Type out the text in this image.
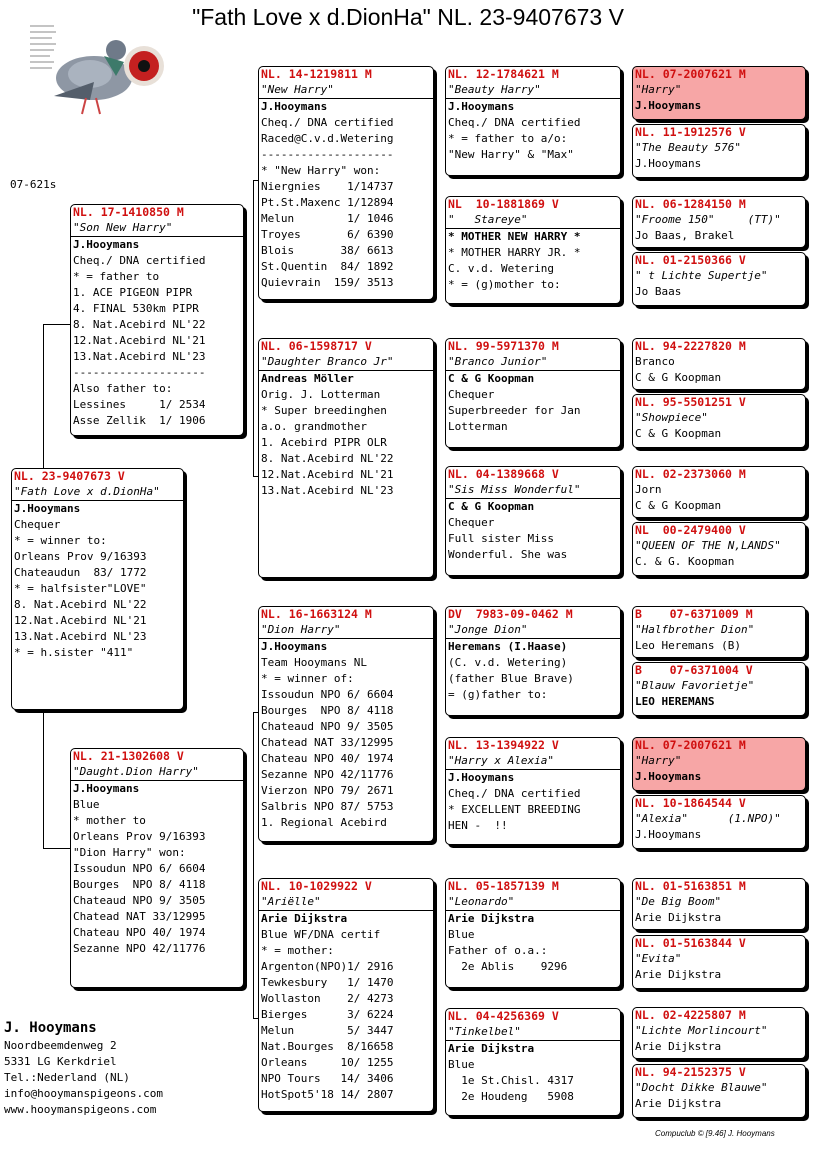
"Fath Love x d.DionHa" NL. 23-9407673 V
07-621s
NL. 23-9407673 V
"Fath Love x d.DionHa"
J.Hooymans
Chequer
* = winner to:
Orleans Prov 9/16393
Chateaudun  83/ 1772
* = halfsister"LOVE"
8. Nat.Acebird NL'22
12.Nat.Acebird NL'21
13.Nat.Acebird NL'23
* = h.sister "411"
NL. 17-1410850 M
"Son New Harry"
J.Hooymans
Cheq./ DNA certified
* = father to
1. ACE PIGEON PIPR
4. FINAL 530km PIPR
8. Nat.Acebird NL'22
12.Nat.Acebird NL'21
13.Nat.Acebird NL'23
--------------------
Also father to:
Lessines     1/ 2534
Asse Zellik  1/ 1906
NL. 21-1302608 V
"Daught.Dion Harry"
J.Hooymans
Blue
* mother to
Orleans Prov 9/16393
"Dion Harry" won:
Issoudun NPO 6/ 6604
Bourges  NPO 8/ 4118
Chateaud NPO 9/ 3505
Chatead NAT 33/12995
Chateau NPO 40/ 1974
Sezanne NPO 42/11776
NL. 14-1219811 M
"New Harry"
J.Hooymans
Cheq./ DNA certified
Raced@C.v.d.Wetering
--------------------
* "New Harry" won:
Niergnies    1/14737
Pt.St.Maxenc 1/12894
Melun        1/ 1046
Troyes       6/ 6390
Blois       38/ 6613
St.Quentin  84/ 1892
Quievrain  159/ 3513
NL. 06-1598717 V
"Daughter Branco Jr"
Andreas Möller
Orig. J. Lotterman
* Super breedinghen
a.o. grandmother
1. Acebird PIPR OLR
8. Nat.Acebird NL'22
12.Nat.Acebird NL'21
13.Nat.Acebird NL'23
NL. 16-1663124 M
"Dion Harry"
J.Hooymans
Team Hooymans NL
* = winner of:
Issoudun NPO 6/ 6604
Bourges  NPO 8/ 4118
Chateaud NPO 9/ 3505
Chatead NAT 33/12995
Chateau NPO 40/ 1974
Sezanne NPO 42/11776
Vierzon NPO 79/ 2671
Salbris NPO 87/ 5753
1. Regional Acebird
NL. 10-1029922 V
"Ariëlle"
Arie Dijkstra
Blue WF/DNA certif
* = mother:
Argenton(NPO)1/ 2916
Tewkesbury   1/ 1470
Wollaston    2/ 4273
Bierges      3/ 6224
Melun        5/ 3447
Nat.Bourges  8/16658
Orleans     10/ 1255
NPO Tours   14/ 3406
HotSpot5'18 14/ 2807
NL. 12-1784621 M
"Beauty Harry"
J.Hooymans
Cheq./ DNA certified
* = father to a/o:
"New Harry" & "Max"
NL  10-1881869 V
"   Stareye"
* MOTHER NEW HARRY *
* MOTHER HARRY JR. *
C. v.d. Wetering
* = (g)mother to:
NL. 99-5971370 M
"Branco Junior"
C & G Koopman
Chequer
Superbreeder for Jan
Lotterman
NL. 04-1389668 V
"Sis Miss Wonderful"
C & G Koopman
Chequer
Full sister Miss
Wonderful. She was
DV  7983-09-0462 M
"Jonge Dion"
Heremans (I.Haase)
(C. v.d. Wetering)
(father Blue Brave)
= (g)father to:
NL. 13-1394922 V
"Harry x Alexia"
J.Hooymans
Cheq./ DNA certified
* EXCELLENT BREEDING
HEN -  !!
NL. 05-1857139 M
"Leonardo"
Arie Dijkstra
Blue
Father of o.a.:
2e Ablis    9296
NL. 04-4256369 V
"Tinkelbel"
Arie Dijkstra
Blue
1e St.Chisl. 4317
2e Houdeng   5908
NL. 07-2007621 M
"Harry"
J.Hooymans
NL. 11-1912576 V
"The Beauty 576"
J.Hooymans
NL. 06-1284150 M
"Froome 150"     (TT)"
Jo Baas, Brakel
NL. 01-2150366 V
" t Lichte Supertje"
Jo Baas
NL. 94-2227820 M
Branco
C & G Koopman
NL. 95-5501251 V
"Showpiece"
C & G Koopman
NL. 02-2373060 M
Jorn
C & G Koopman
NL  00-2479400 V
"QUEEN OF THE N,LANDS"
C. & G. Koopman
B    07-6371009 M
"Halfbrother Dion"
Leo Heremans (B)
B    07-6371004 V
"Blauw Favorietje"
LEO HEREMANS
NL. 07-2007621 M
"Harry"
J.Hooymans
NL. 10-1864544 V
"Alexia"      (1.NPO)"
J.Hooymans
NL. 01-5163851 M
"De Big Boom"
Arie Dijkstra
NL. 01-5163844 V
"Evita"
Arie Dijkstra
NL. 02-4225807 M
"Lichte Morlincourt"
Arie Dijkstra
NL. 94-2152375 V
"Docht Dikke Blauwe"
Arie Dijkstra
J. Hooymans
Noordbeemdenweg 2
5331 LG Kerkdriel
Tel.:Nederland (NL)
info@hooymanspigeons.com
www.hooymanspigeons.com
Compuclub © [9.46] J. Hooymans
